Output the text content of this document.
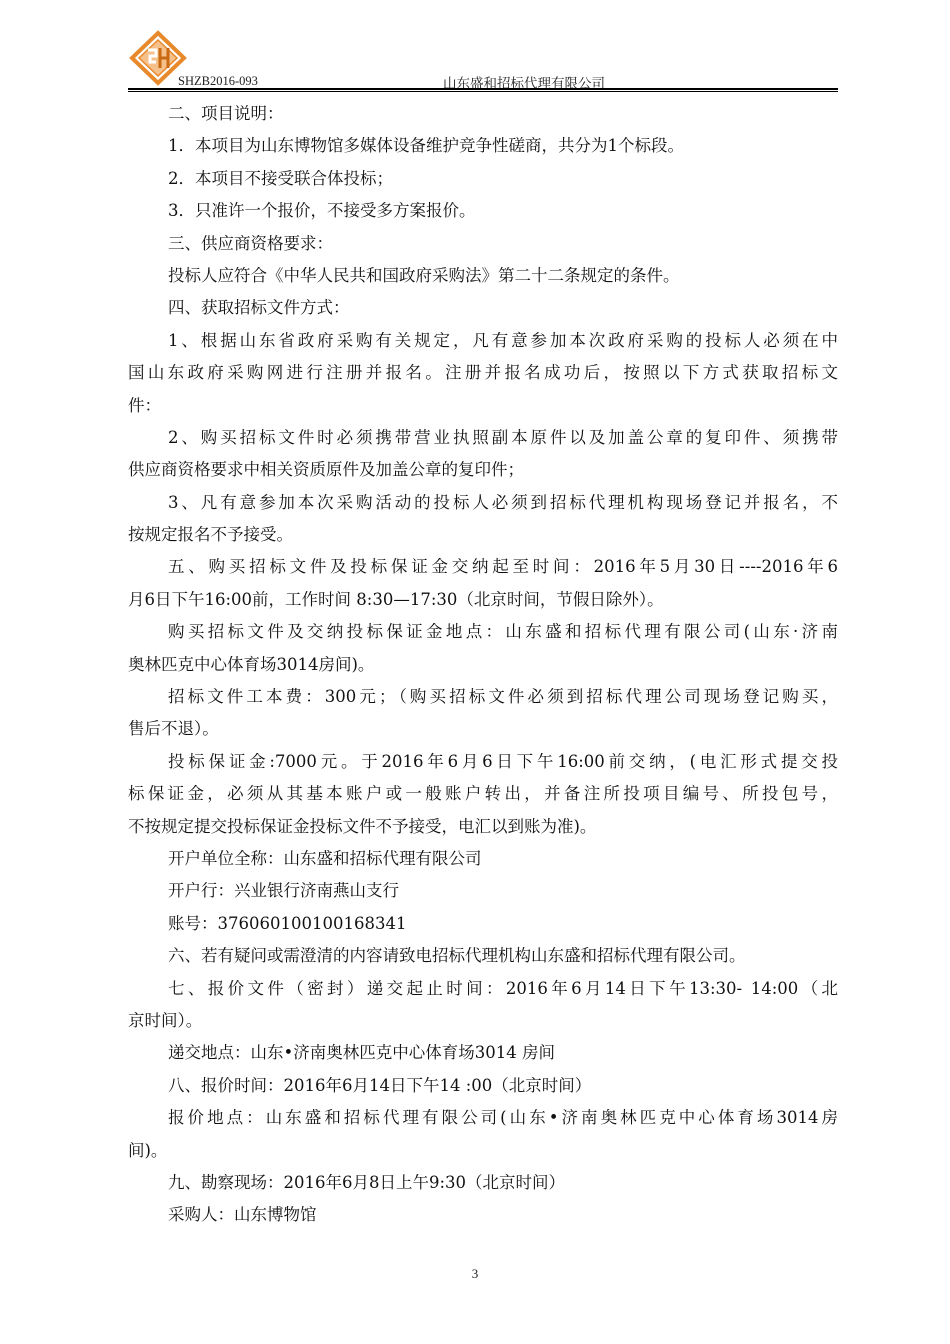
SHZB2016-093	山东盛和招标代理有限公司
二、项目说明：
1．本项目为山东博物馆多媒体设备维护竞争性磋商，共分为1个标段。
2．本项目不接受联合体投标；
3．只准许一个报价，不接受多方案报价。
三、供应商资格要求：
投标人应符合《中华人民共和国政府采购法》第二十二条规定的条件。
四、获取招标文件方式：
1、根据山东省政府采购有关规定，凡有意参加本次政府采购的投标人必须在中
国山东政府采购网进行注册并报名。注册并报名成功后，按照以下方式获取招标文
件：
2、购买招标文件时必须携带营业执照副本原件以及加盖公章的复印件、须携带
供应商资格要求中相关资质原件及加盖公章的复印件；
3、凡有意参加本次采购活动的投标人必须到招标代理机构现场登记并报名，不
按规定报名不予接受。
五、购买招标文件及投标保证金交纳起至时间：2016年5月30日----2016年6
月6日下午16:00前，工作时间 8:30—17:30（北京时间，节假日除外）。
购买招标文件及交纳投标保证金地点：山东盛和招标代理有限公司(山东·济南
奥林匹克中心体育场3014房间)。
招标文件工本费：300元；（购买招标文件必须到招标代理公司现场登记购买，
售后不退）。
投标保证金:7000元。于2016年6月6日下午16:00前交纳，(电汇形式提交投
标保证金，必须从其基本账户或一般账户转出，并备注所投项目编号、所投包号，
不按规定提交投标保证金投标文件不予接受，电汇以到账为准)。
开户单位全称：山东盛和招标代理有限公司
开户行：兴业银行济南燕山支行
账号：376060100100168341
六、若有疑问或需澄清的内容请致电招标代理机构山东盛和招标代理有限公司。
七、报价文件（密封）递交起止时间：2016年6月14日下午13:30- 14:00（北
京时间）。
递交地点：山东•济南奥林匹克中心体育场3014 房间
八、报价时间：2016年6月14日下午14 :00（北京时间）
报价地点：山东盛和招标代理有限公司(山东•济南奥林匹克中心体育场3014房
间)。
九、勘察现场：2016年6月8日上午9:30（北京时间）
采购人：山东博物馆
3
